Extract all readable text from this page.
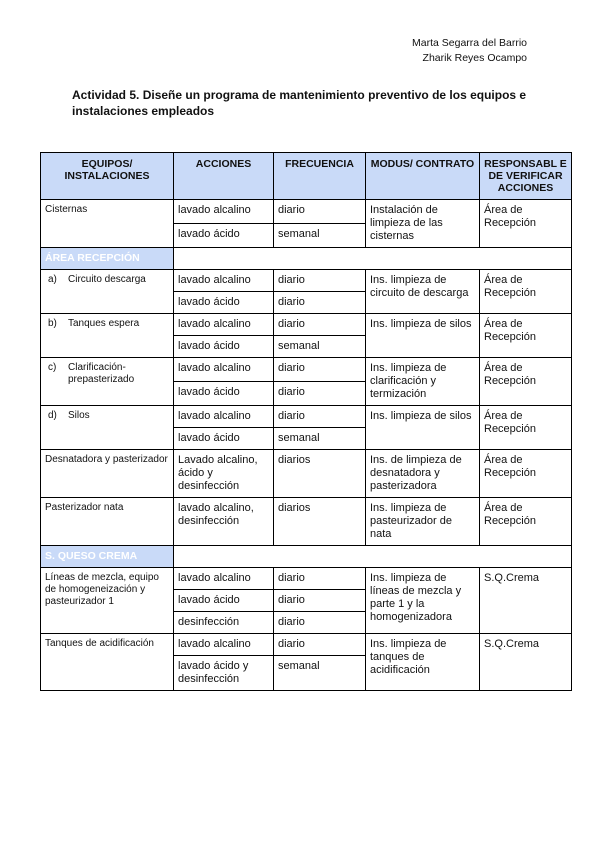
Marta Segarra del Barrio
Zharik Reyes Ocampo
Actividad 5. Diseñe un programa de mantenimiento preventivo de los equipos e instalaciones empleados
EQUIPOS/ INSTALACIONES	ACCIONES	FRECUENCIA	MODUS/ CONTRATO	RESPONSABL E DE VERIFICAR ACCIONES
Cisternas	lavado alcalino	diario	Instalación de limpieza de las cisternas	Área de Recepción
	lavado ácido	semanal		
ÁREA RECEPCIÓN				
a) Circuito descarga	lavado alcalino	diario	Ins. limpieza de circuito de descarga	Área de Recepción
	lavado ácido	diario		
b) Tanques espera	lavado alcalino	diario	Ins. limpieza de silos	Área de Recepción
	lavado ácido	semanal		
c) Clarificación-
prepasterizado	lavado alcalino	diario	Ins. limpieza de clarificación y termización	Área de Recepción
	lavado ácido	diario		
d) Silos	lavado alcalino	diario	Ins. limpieza de silos	Área de Recepción
	lavado ácido	semanal		
Desnatadora y pasterizador	Lavado alcalino, ácido y desinfección	diarios	Ins. de limpieza de desnatadora y pasterizadora	Área de Recepción
Pasterizador nata	lavado alcalino, desinfección	diarios	Ins. limpieza de pasteurizador de nata	Área de Recepción
S. QUESO CREMA				
Líneas de mezcla, equipo de homogeneización y pasteurizador 1	lavado alcalino	diario	Ins. limpieza de líneas de mezcla y parte 1 y la homogenizadora	S.Q.Crema
	lavado ácido	diario		
	desinfección	diario		
Tanques de acidificación	lavado alcalino	diario	Ins. limpieza de tanques de acidificación	S.Q.Crema
	lavado ácido y desinfección	semanal		
